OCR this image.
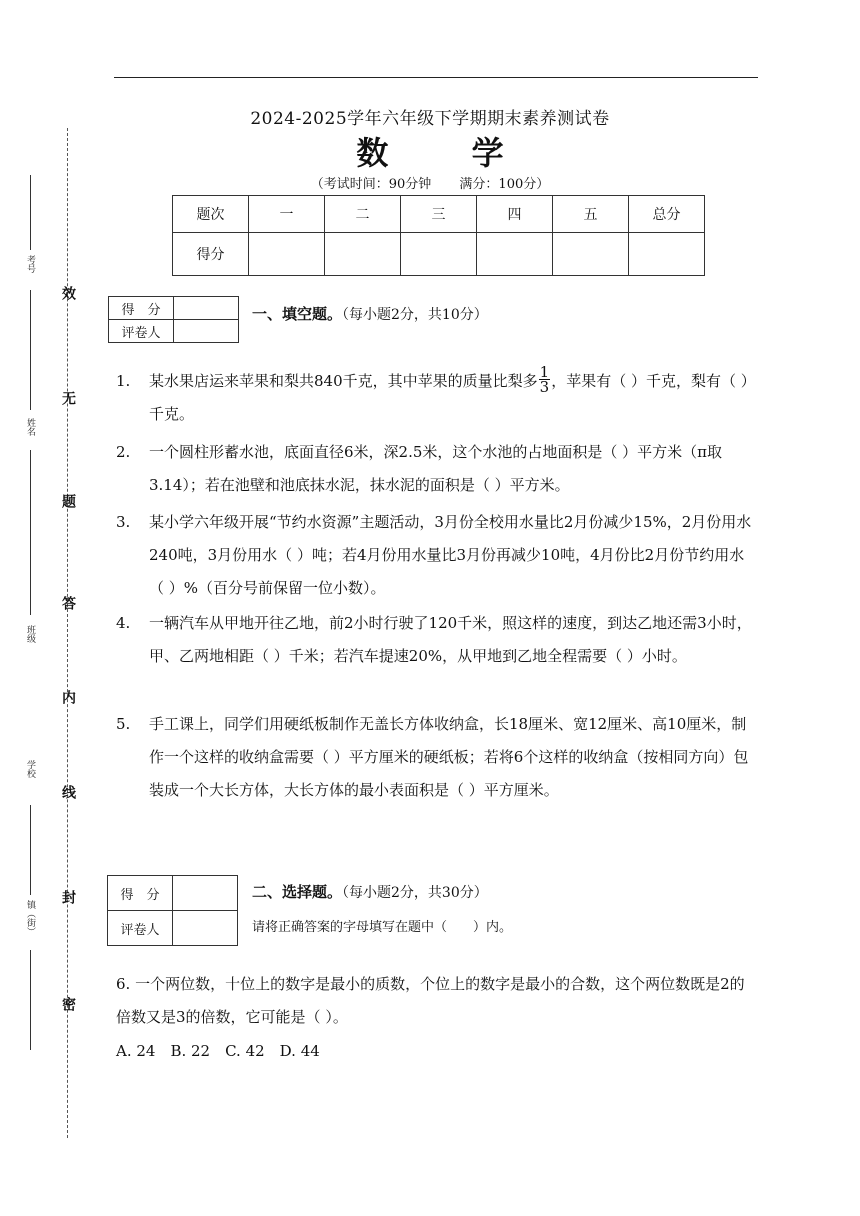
2024-2025学年六年级下学期期末素养测试卷
数 学
（考试时间：90分钟 满分：100分）
题次	一	二	三	四	五	总分
得分						
得　分	
评卷人	
一、填空题。（每小题2分，共10分）
1. 某水果店运来苹果和梨共840千克，其中苹果的质量比梨多 $\frac{1}{3}$ ，苹果有（ ）千克，梨有（ ）千克。
2. 一个圆柱形蓄水池，底面直径6米，深2.5米，这个水池的占地面积是（ ）平方米（π取3.14）；若在池壁和池底抹水泥，抹水泥的面积是（ ）平方米。
3. 某小学六年级开展“节约水资源”主题活动，3月份全校用水量比2月份减少15%，2月份用水240吨，3月份用水（ ）吨；若4月份用水量比3月份再减少10吨，4月份比2月份节约用水（ ）%（百分号前保留一位小数）。
4. 一辆汽车从甲地开往乙地，前2小时行驶了120千米，照这样的速度，到达乙地还需3小时，甲、乙两地相距（ ）千米；若汽车提速20%，从甲地到乙地全程需要（ ）小时。
5. 手工课上，同学们用硬纸板制作无盖长方体收纳盒，长18厘米、宽12厘米、高10厘米，制作一个这样的收纳盒需要（ ）平方厘米的硬纸板；若将6个这样的收纳盒（按相同方向）包装成一个大长方体，大长方体的最小表面积是（ ）平方厘米。
得　分	
评卷人	
二、选择题。（每小题2分，共30分）
请将正确答案的字母填写在题中（　　）内。
6. 一个两位数，十位上的数字是最小的质数，个位上的数字是最小的合数，这个两位数既是2的倍数又是3的倍数，它可能是（ ）。
A. 24　B. 22　C. 42　D. 44
效
无
题
答
内
线
封
密
考号
姓名
班级
学校
镇（街）
